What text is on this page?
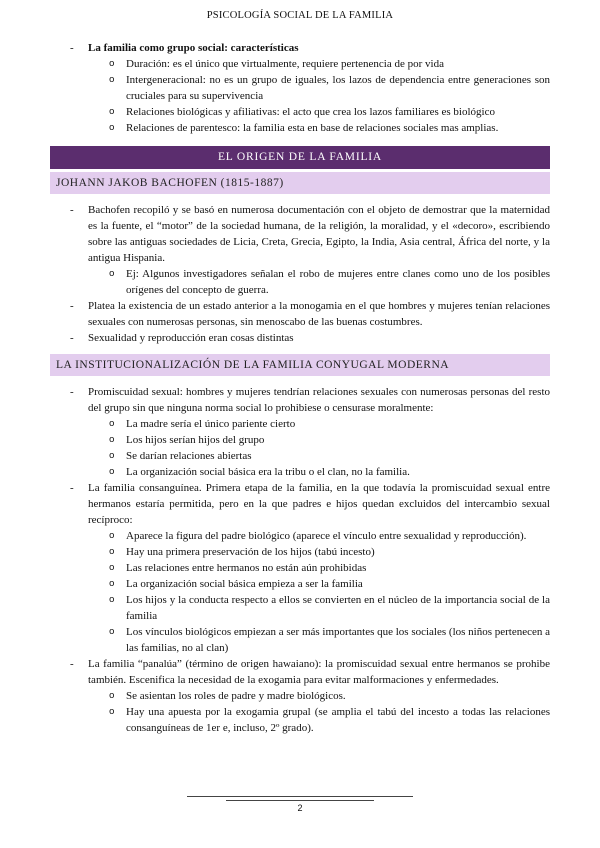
PSICOLOGÍA SOCIAL DE LA FAMILIA
- La familia como grupo social: características
o Duración: es el único que virtualmente, requiere pertenencia de por vida
o Intergeneracional: no es un grupo de iguales, los lazos de dependencia entre generaciones son cruciales para su supervivencia
o Relaciones biológicas y afiliativas: el acto que crea los lazos familiares es biológico
o Relaciones de parentesco: la familia esta en base de relaciones sociales mas amplias.
EL ORIGEN DE LA FAMILIA
JOHANN JAKOB BACHOFEN (1815-1887)
- Bachofen recopiló y se basó en numerosa documentación con el objeto de demostrar que la maternidad es la fuente, el “motor” de la sociedad humana, de la religión, la moralidad, y el «decoro», escribiendo sobre las antiguas sociedades de Licia, Creta, Grecia, Egipto, la India, Asia central, África del norte, y la antigua Hispania.
o Ej: Algunos investigadores señalan el robo de mujeres entre clanes como uno de los posibles orígenes del concepto de guerra.
- Platea la existencia de un estado anterior a la monogamia en el que hombres y mujeres tenían relaciones sexuales con numerosas personas, sin menoscabo de las buenas costumbres.
- Sexualidad y reproducción eran cosas distintas
LA INSTITUCIONALIZACIÓN DE LA FAMILIA CONYUGAL MODERNA
- Promiscuidad sexual: hombres y mujeres tendrían relaciones sexuales con numerosas personas del resto del grupo sin que ninguna norma social lo prohibiese o censurase moralmente:
o La madre sería el único pariente cierto
o Los hijos serían hijos del grupo
o Se darían relaciones abiertas
o La organización social básica era la tribu o el clan, no la familia.
- La familia consanguínea. Primera etapa de la familia, en la que todavía la promiscuidad sexual entre hermanos estaría permitida, pero en la que padres e hijos quedan excluidos del intercambio sexual recíproco:
o Aparece la figura del padre biológico (aparece el vínculo entre sexualidad y reproducción).
o Hay una primera preservación de los hijos (tabú incesto)
o Las relaciones entre hermanos no están aún prohibidas
o La organización social básica empieza a ser la familia
o Los hijos y la conducta respecto a ellos se convierten en el núcleo de la importancia social de la familia
o Los vínculos biológicos empiezan a ser más importantes que los sociales (los niños pertenecen a las familias, no al clan)
- La familia “panalúa” (término de origen hawaiano): la promiscuidad sexual entre hermanos se prohibe también. Escenifica la necesidad de la exogamia para evitar malformaciones y enfermedades.
o Se asientan los roles de padre y madre biológicos.
o Hay una apuesta por la exogamia grupal (se amplia el tabú del incesto a todas las relaciones consanguíneas de 1er e, incluso, 2º grado).
2
